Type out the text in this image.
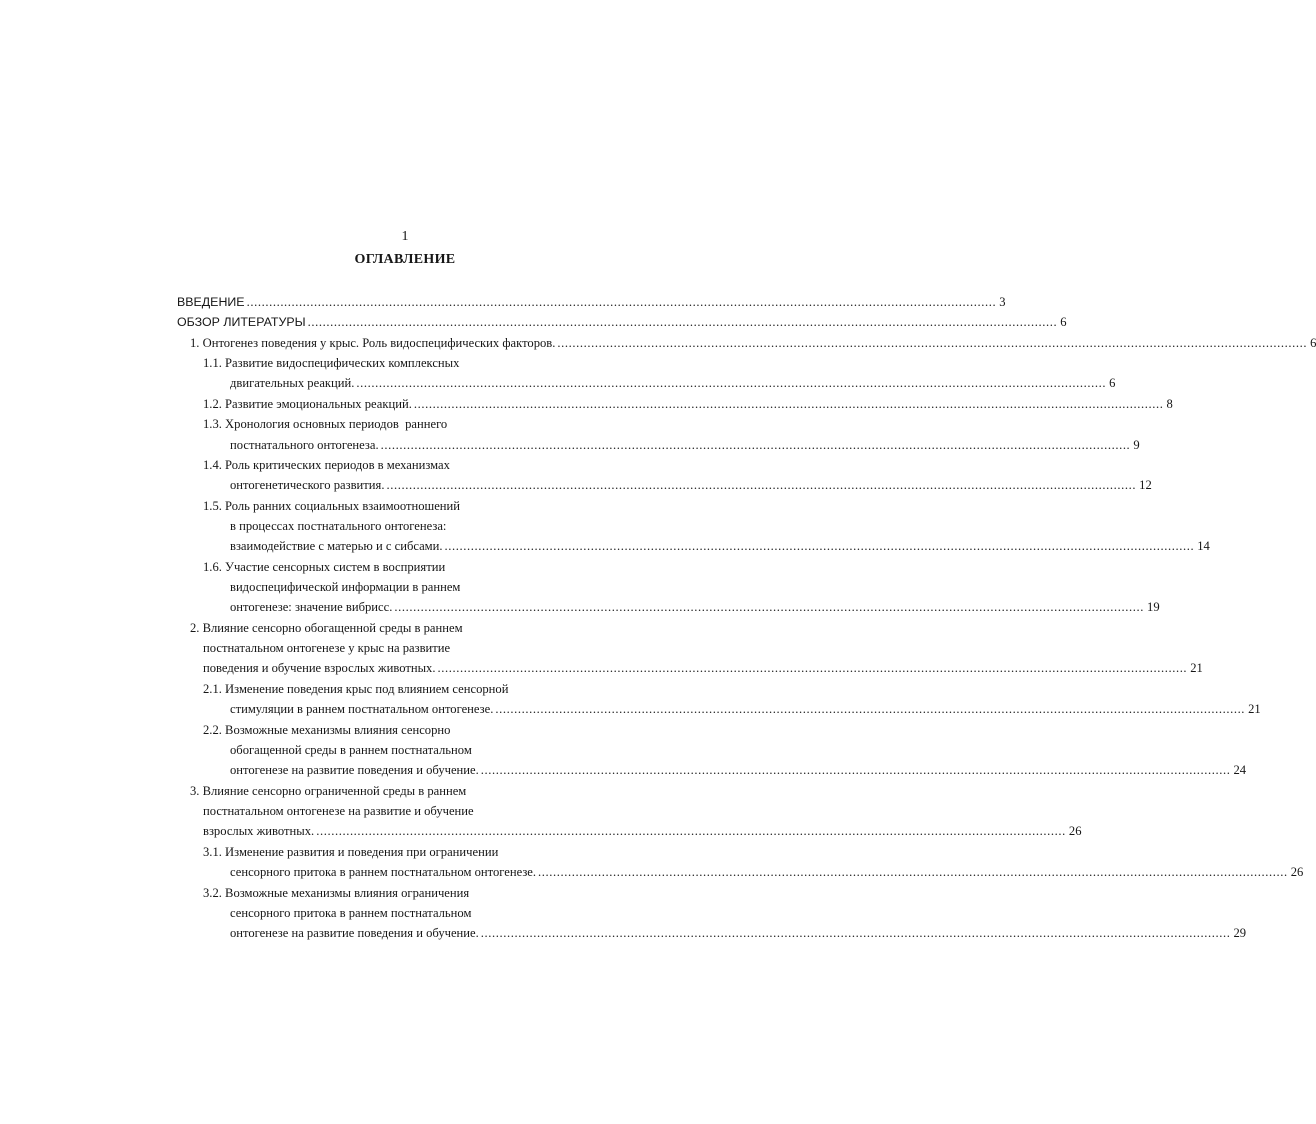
1
ОГЛАВЛЕНИЕ
ВВЕДЕНИЕ ........................................................................................................................................................................................................ 3
ОБЗОР ЛИТЕРАТУРЫ ........................................................................................................................................................................................................ 6
1. Онтогенез поведения у крыс. Роль видоспецифических факторов. ........................................................................................................................................................................................................ 6
1.1. Развитие видоспецифических комплексных
двигательных реакций. ........................................................................................................................................................................................................ 6
1.2. Развитие эмоциональных реакций. ........................................................................................................................................................................................................ 8
1.3. Хронология основных периодов  раннего
постнатального онтогенеза. ........................................................................................................................................................................................................ 9
1.4. Роль критических периодов в механизмах
онтогенетического развития. ........................................................................................................................................................................................................ 12
1.5. Роль ранних социальных взаимоотношений
в процессах постнатального онтогенеза:
взаимодействие с матерью и с сибсами. ........................................................................................................................................................................................................ 14
1.6. Участие сенсорных систем в восприятии
видоспецифической информации в раннем
онтогенезе: значение вибрисс. ........................................................................................................................................................................................................ 19
2. Влияние сенсорно обогащенной среды в раннем
постнатальном онтогенезе у крыс на развитие
поведения и обучение взрослых животных. ........................................................................................................................................................................................................ 21
2.1. Изменение поведения крыс под влиянием сенсорной
стимуляции в раннем постнатальном онтогенезе. ........................................................................................................................................................................................................ 21
2.2. Возможные механизмы влияния сенсорно
обогащенной среды в раннем постнатальном
онтогенезе на развитие поведения и обучение. ........................................................................................................................................................................................................ 24
3. Влияние сенсорно ограниченной среды в раннем
постнатальном онтогенезе на развитие и обучение
взрослых животных. ........................................................................................................................................................................................................ 26
3.1. Изменение развития и поведения при ограничении
сенсорного притока в раннем постнатальном онтогенезе. ........................................................................................................................................................................................................ 26
3.2. Возможные механизмы влияния ограничения
сенсорного притока в раннем постнатальном
онтогенезе на развитие поведения и обучение. ........................................................................................................................................................................................................ 29
